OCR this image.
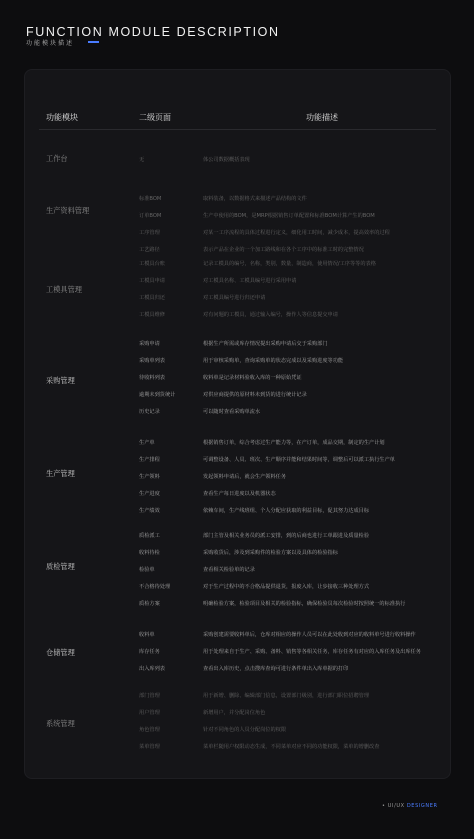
FUNCTION MODULE DESCRIPTION
功能模块描述
功能模块	二级页面	功能描述
工作台	无	体公司数据概括表现
生产资料管理
标准BOM	取料装备，以数据格式来描述产品结构的文件
订单BOM	生产中使用的BOM，是MRP根据销售订单配置和标准BOM计算产生的BOM
工序管理	对某一工序流程的具体过程进行定义，细化用工时间，减少成本，提高效率的过程
工艺路径	表示产品在企业的一个加工路线和在各个工序中的标准工时的完整情况
工模具管理
工模具台账	记录工模具的编号，名称，类别，数量，制造商，使用情况/工序等等的表格
工模具申请	对工模具名称、工模具编号进行采用申请
工模具归还	对工模具编号进行归还申请
工模具维修	对有问题的工模具，通过输入编号，操作人等信息提交申请
采购管理
采购申请	根据生产所需或库存情况提出采购申请后交于采购部门
采购单列表	用于审核采购单，查询采购单的状态完成以及采购进度等功能
待收料列表	收料单是记录材料验收入库的一种原始凭证
逾期未到货统计	对供应商提供的原材料未到货的进行统计记录
历史记录	可以随时查看采购单流水
生产管理
生产单	根据销售订单，综合考虑过生产能力等，在产订单，成品交期，制定的生产计划
生产排程	可调整设备、人员、班次、生产顺序并能和结果时间等，调整后可以派工执行生产单
生产领料	发起领料申请后，就会生产领料任务
生产进度	查看生产每日进度以及机器状态
生产绩效	依赖车间，生产线班组、个人分配应获取的利益目标，促其努力达成目标
质检管理
质检派工	部门主管及相关业务员的派工安排，到的后商也进行工单跟进及质量检验
收料待检	采购收货后，涉及到采购件的检验方案以及具体的检验指标
检验单	查看相关检验单的记录
不合格待处理	对于生产过程中的不合格品提供退货，报废入库，让步接收三种处理方式
质检方案	明确检验方案，检验项目及相关的检验指标，确保检验员每次检验时按照统一的标准执行
仓储管理
收料单	采购创建需要收料单后，仓库对相应的操作人员可以在此处收到对应的收料单号进行收料操作
库存任务	用于处理来自于生产、采购、备料、销售等各相关任务，库存任务有对应的入库任务及出库任务
出入库列表	查看出入库历史，点击搜库查询可进行条件单出入库单据的打印
系统管理
部门管理	用于新增、删除、编辑部门信息，设置部门级别，进行部门职位招聘管理
用户管理	新增用户，并分配岗位角色
角色管理	针对不同角色的人员分配岗位的权限
菜单管理	菜单栏随用户权限动态生成，不同菜单对应不同的功能权限，菜单的增删改查
• UI/UX DESIGNER
